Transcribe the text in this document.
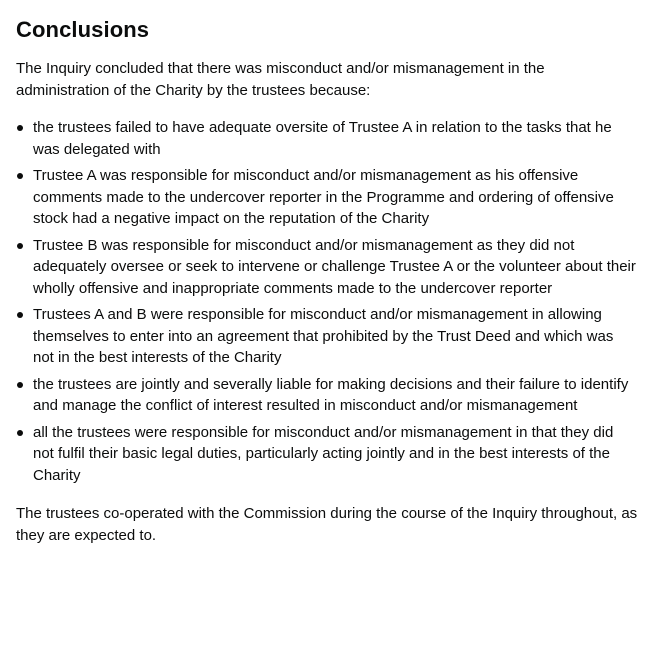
Conclusions

The Inquiry concluded that there was misconduct and/or mismanagement in the administration of the Charity by the trustees because:

the trustees failed to have adequate oversite of Trustee A in relation to the tasks that he was delegated with
Trustee A was responsible for misconduct and/or mismanagement as his offensive comments made to the undercover reporter in the Programme and ordering of offensive stock had a negative impact on the reputation of the Charity
Trustee B was responsible for misconduct and/or mismanagement as they did not adequately oversee or seek to intervene or challenge Trustee A or the volunteer about their wholly offensive and inappropriate comments made to the undercover reporter
Trustees A and B were responsible for misconduct and/or mismanagement in allowing themselves to enter into an agreement that prohibited by the Trust Deed and which was not in the best interests of the Charity
the trustees are jointly and severally liable for making decisions and their failure to identify and manage the conflict of interest resulted in misconduct and/or mismanagement
all the trustees were responsible for misconduct and/or mismanagement in that they did not fulfil their basic legal duties, particularly acting jointly and in the best interests of the Charity

The trustees co-operated with the Commission during the course of the Inquiry throughout, as they are expected to.
